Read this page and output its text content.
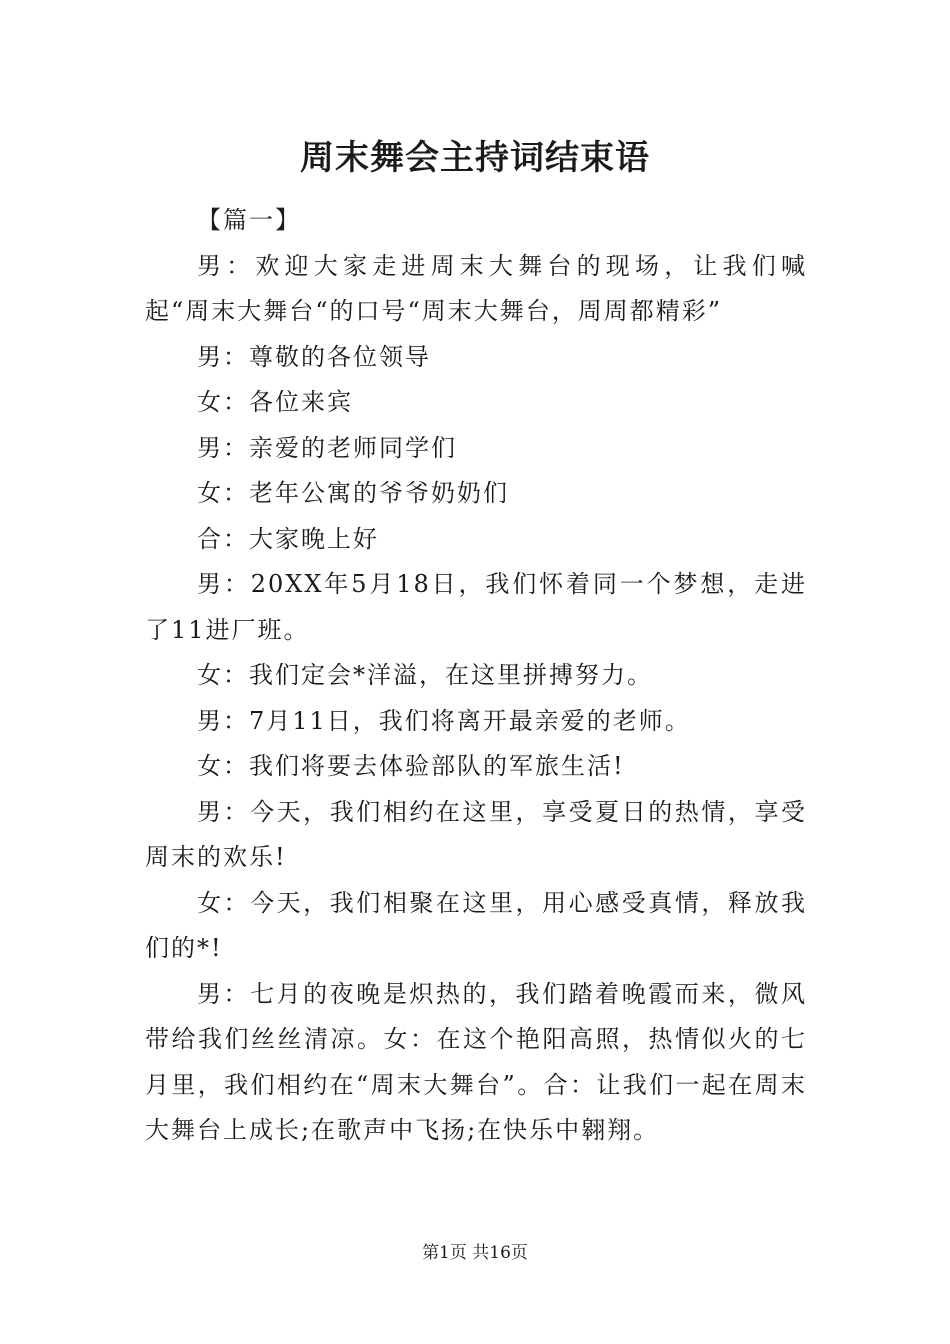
周末舞会主持词结束语

【篇一】

男：欢迎大家走进周末大舞台的现场，让我们喊起“周末大舞台“的口号“周末大舞台，周周都精彩”

男：尊敬的各位领导

女：各位来宾

男：亲爱的老师同学们

女：老年公寓的爷爷奶奶们

合：大家晚上好

男：20XX年5月18日，我们怀着同一个梦想，走进了11进厂班。

女：我们定会*洋溢，在这里拼搏努力。

男：7月11日，我们将离开最亲爱的老师。

女：我们将要去体验部队的军旅生活!

男：今天，我们相约在这里，享受夏日的热情，享受周末的欢乐!

女：今天，我们相聚在这里，用心感受真情，释放我们的*!

男：七月的夜晚是炽热的，我们踏着晚霞而来，微风带给我们丝丝清凉。女：在这个艳阳高照，热情似火的七月里，我们相约在“周末大舞台”。合：让我们一起在周末大舞台上成长;在歌声中飞扬;在快乐中翱翔。

第1页 共16页
